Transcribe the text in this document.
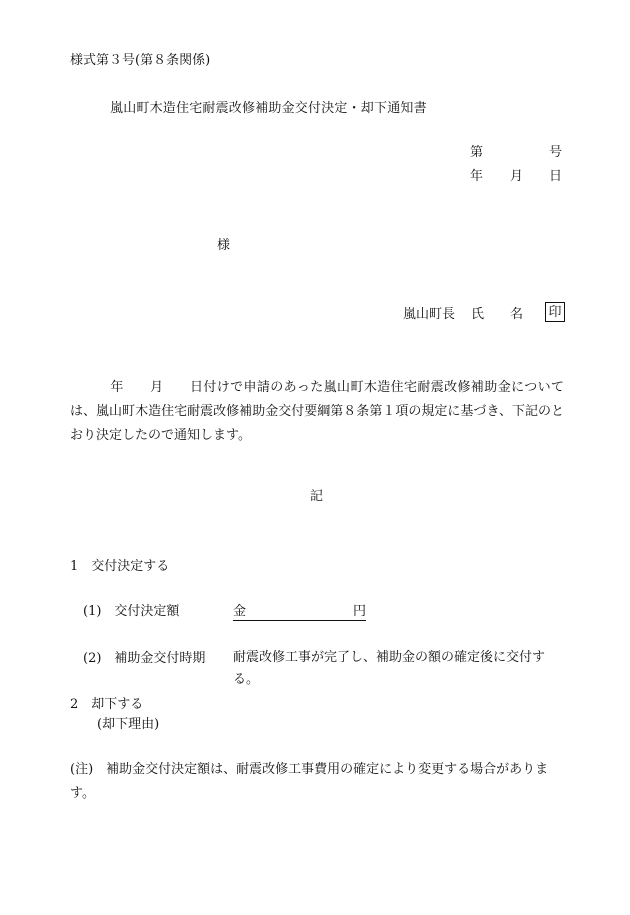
様式第３号(第８条関係)
嵐山町木造住宅耐震改修補助金交付決定・却下通知書
第	号
年 月 日
様
嵐山町長 氏 名 印
年 月 日付けで申請のあった嵐山町木造住宅耐震改修補助金については、嵐山町木造住宅耐震改修補助金交付要綱第８条第１項の規定に基づき、下記のとおり決定したので通知します。
記
1　交付決定する
(1)　交付決定額	金	円
(2)　補助金交付時期 耐震改修工事が完了し、補助金の額の確定後に交付する。
2　却下する
(却下理由)
(注)　補助金交付決定額は、耐震改修工事費用の確定により変更する場合があります。
